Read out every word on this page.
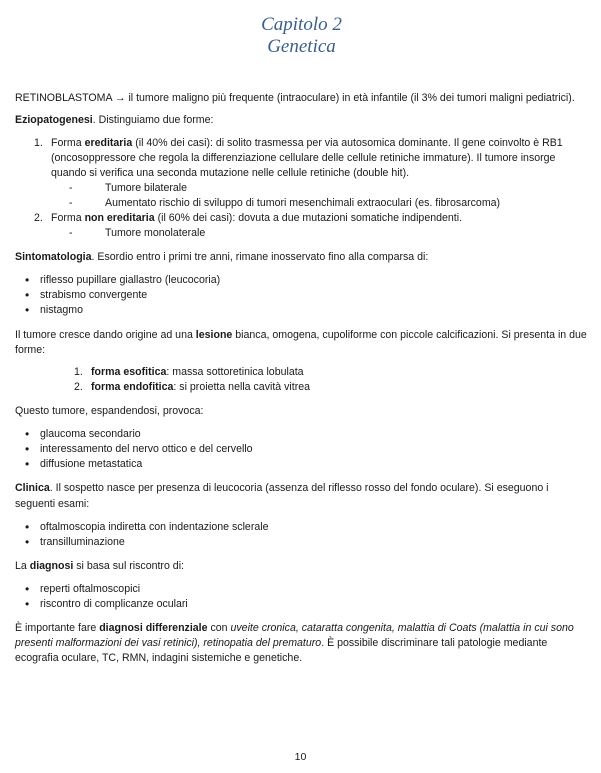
Capitolo 2
Genetica

RETINOBLASTOMA → il tumore maligno più frequente (intraoculare) in età infantile (il 3% dei tumori maligni pediatrici).

Eziopatogenesi. Distinguiamo due forme:

1. Forma ereditaria (il 40% dei casi): di solito trasmessa per via autosomica dominante. Il gene coinvolto è RB1 (oncosoppressore che regola la differenziazione cellulare delle cellule retiniche immature). Il tumore insorge quando si verifica una seconda mutazione nelle cellule retiniche (double hit).
- Tumore bilaterale
- Aumentato rischio di sviluppo di tumori mesenchimali extraoculari (es. fibrosarcoma)
2. Forma non ereditaria (il 60% dei casi): dovuta a due mutazioni somatiche indipendenti.
- Tumore monolaterale

Sintomatologia. Esordio entro i primi tre anni, rimane inosservato fino alla comparsa di:

• riflesso pupillare giallastro (leucocoria)
• strabismo convergente
• nistagmo

Il tumore cresce dando origine ad una lesione bianca, omogena, cupoliforme con piccole calcificazioni. Si presenta in due forme:

1. forma esofitica: massa sottoretinica lobulata
2. forma endofitica: si proietta nella cavità vitrea

Questo tumore, espandendosi, provoca:

• glaucoma secondario
• interessamento del nervo ottico e del cervello
• diffusione metastatica

Clinica. Il sospetto nasce per presenza di leucocoria (assenza del riflesso rosso del fondo oculare). Si eseguono i seguenti esami:

• oftalmoscopia indiretta con indentazione sclerale
• transilluminazione

La diagnosi si basa sul riscontro di:

• reperti oftalmoscopici
• riscontro di complicanze oculari

È importante fare diagnosi differenziale con uveite cronica, cataratta congenita, malattia di Coats (malattia in cui sono presenti malformazioni dei vasi retinici), retinopatia del prematuro. È possibile discriminare tali patologie mediante ecografia oculare, TC, RMN, indagini sistemiche e genetiche.

10
